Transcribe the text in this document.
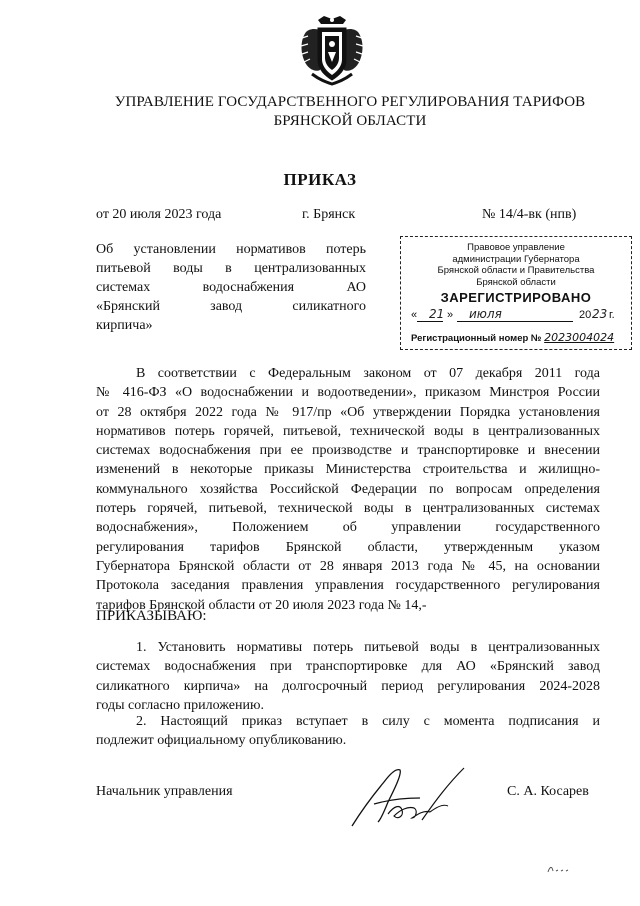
УПРАВЛЕНИЕ ГОСУДАРСТВЕННОГО РЕГУЛИРОВАНИЯ ТАРИФОВ
БРЯНСКОЙ ОБЛАСТИ
ПРИКАЗ
от 20 июля 2023 года	г. Брянск	№ 14/4-вк (нпв)
Об установлении нормативов потерь
питьевой воды в централизованных
системах водоснабжения АО
«Брянский завод силикатного
кирпича»
Правовое управление
администрации Губернатора
Брянской области и Правительства
Брянской области
ЗАРЕГИСТРИРОВАНО
« 21 » июля	20 23 г.
Регистрационный номер № 2023004024
В соответствии с Федеральным законом от 07 декабря 2011 года
№ 416-ФЗ «О водоснабжении и водоотведении», приказом Минстроя России
от 28 октября 2022 года № 917/пр «Об утверждении Порядка установления
нормативов потерь горячей, питьевой, технической воды в централизованных
системах водоснабжения при ее производстве и транспортировке и внесении
изменений в некоторые приказы Министерства строительства и жилищно-
коммунального хозяйства Российской Федерации по вопросам определения
потерь горячей, питьевой, технической воды в централизованных системах
водоснабжения», Положением об управлении государственного
регулирования тарифов Брянской области, утвержденным указом
Губернатора Брянской области от 28 января 2013 года № 45, на основании
Протокола заседания правления управления государственного регулирования
тарифов Брянской области от 20 июля 2023 года № 14,-
ПРИКАЗЫВАЮ:
1. Установить нормативы потерь питьевой воды в централизованных
системах водоснабжения при транспортировке для АО «Брянский завод
силикатного кирпича» на долгосрочный период регулирования 2024-2028
годы согласно приложению.
2. Настоящий приказ вступает в силу с момента подписания и
подлежит официальному опубликованию.
Начальник управления	С. А. Косарев
